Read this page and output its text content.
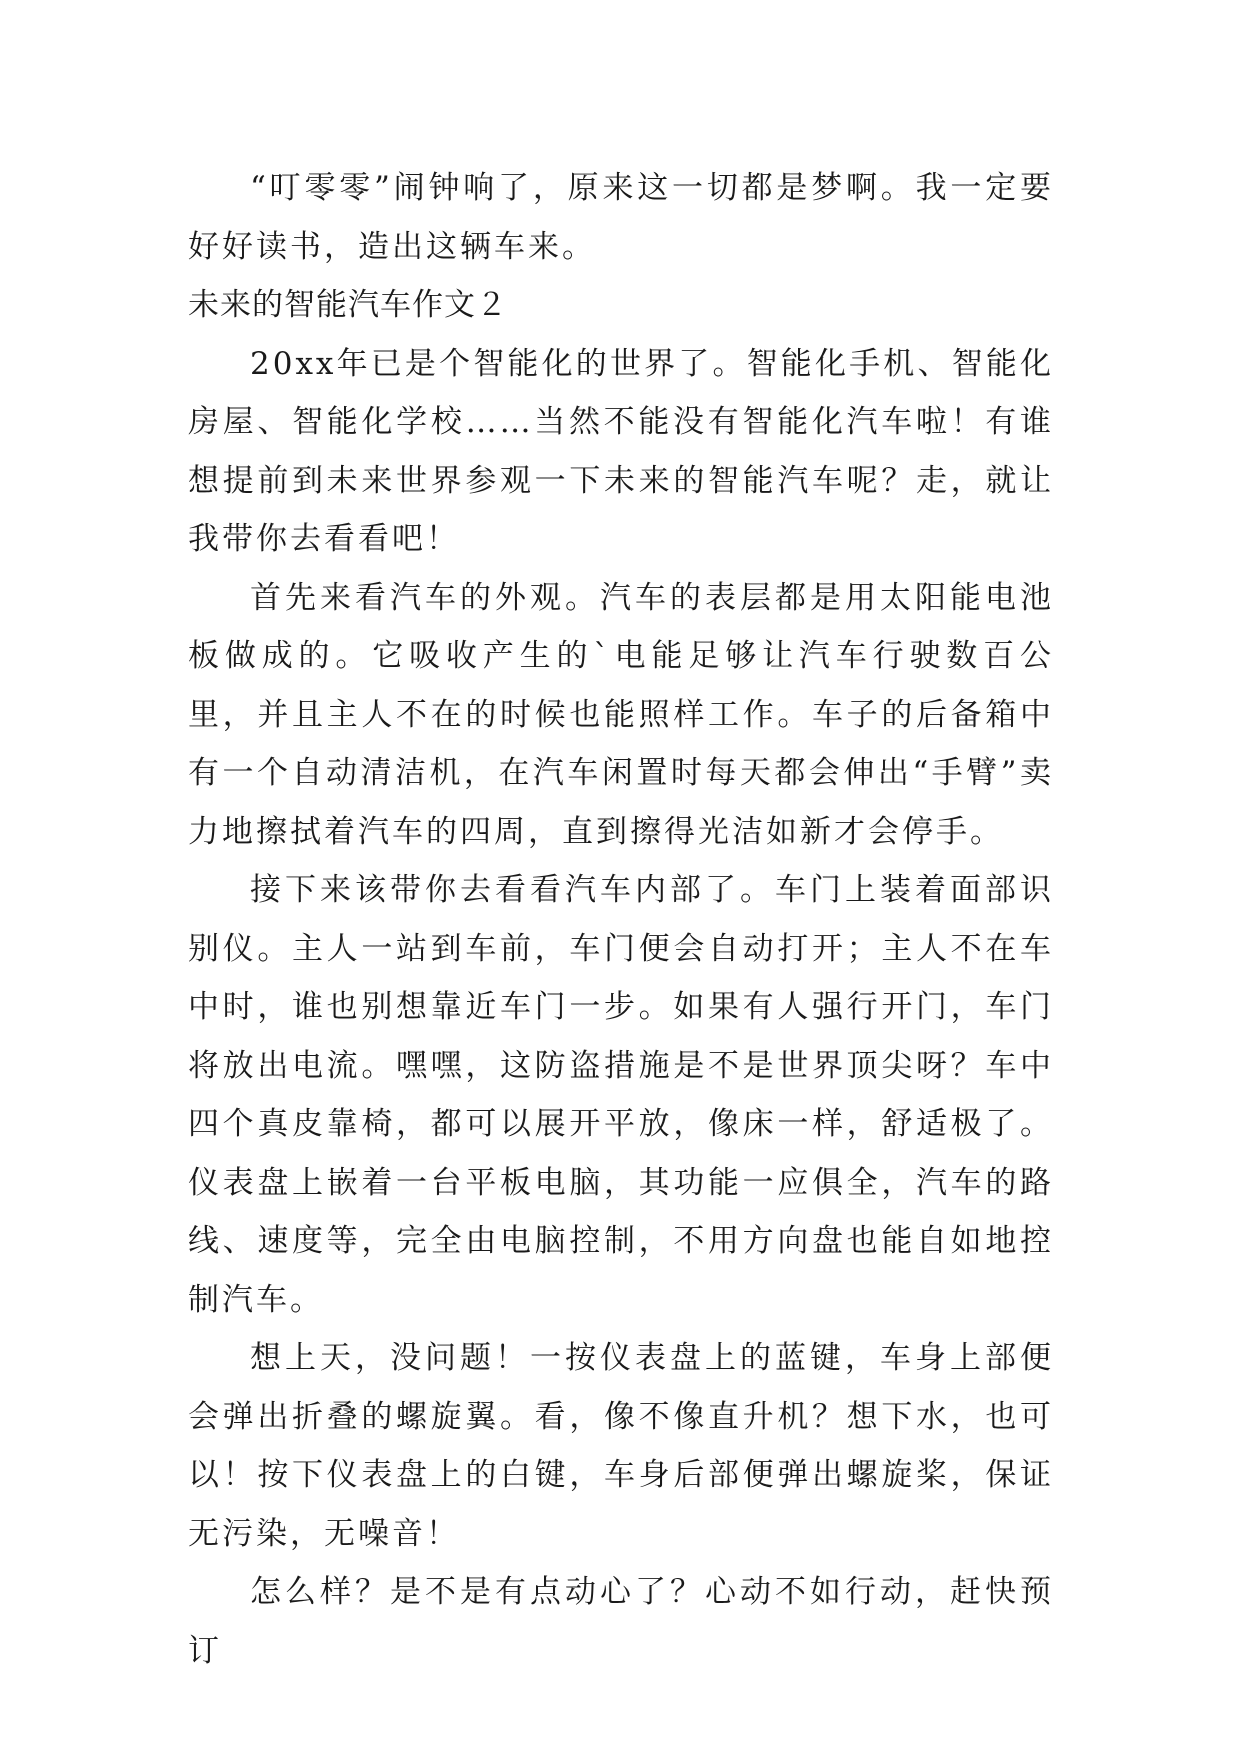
“叮零零”闹钟响了，原来这一切都是梦啊。我一定要好好读书，造出这辆车来。

未来的智能汽车作文２

20xx年已是个智能化的世界了。智能化手机、智能化房屋、智能化学校……当然不能没有智能化汽车啦！有谁想提前到未来世界参观一下未来的智能汽车呢？走，就让我带你去看看吧！

首先来看汽车的外观。汽车的表层都是用太阳能电池板做成的。它吸收产生的`电能足够让汽车行驶数百公里，并且主人不在的时候也能照样工作。车子的后备箱中有一个自动清洁机，在汽车闲置时每天都会伸出“手臂”卖力地擦拭着汽车的四周，直到擦得光洁如新才会停手。

接下来该带你去看看汽车内部了。车门上装着面部识别仪。主人一站到车前，车门便会自动打开；主人不在车中时，谁也别想靠近车门一步。如果有人强行开门，车门将放出电流。嘿嘿，这防盗措施是不是世界顶尖呀？车中四个真皮靠椅，都可以展开平放，像床一样，舒适极了。仪表盘上嵌着一台平板电脑，其功能一应俱全，汽车的路线、速度等，完全由电脑控制，不用方向盘也能自如地控制汽车。

想上天，没问题！一按仪表盘上的蓝键，车身上部便会弹出折叠的螺旋翼。看，像不像直升机？想下水，也可以！按下仪表盘上的白键，车身后部便弹出螺旋桨，保证无污染，无噪音！

怎么样？是不是有点动心了？心动不如行动，赶快预订
